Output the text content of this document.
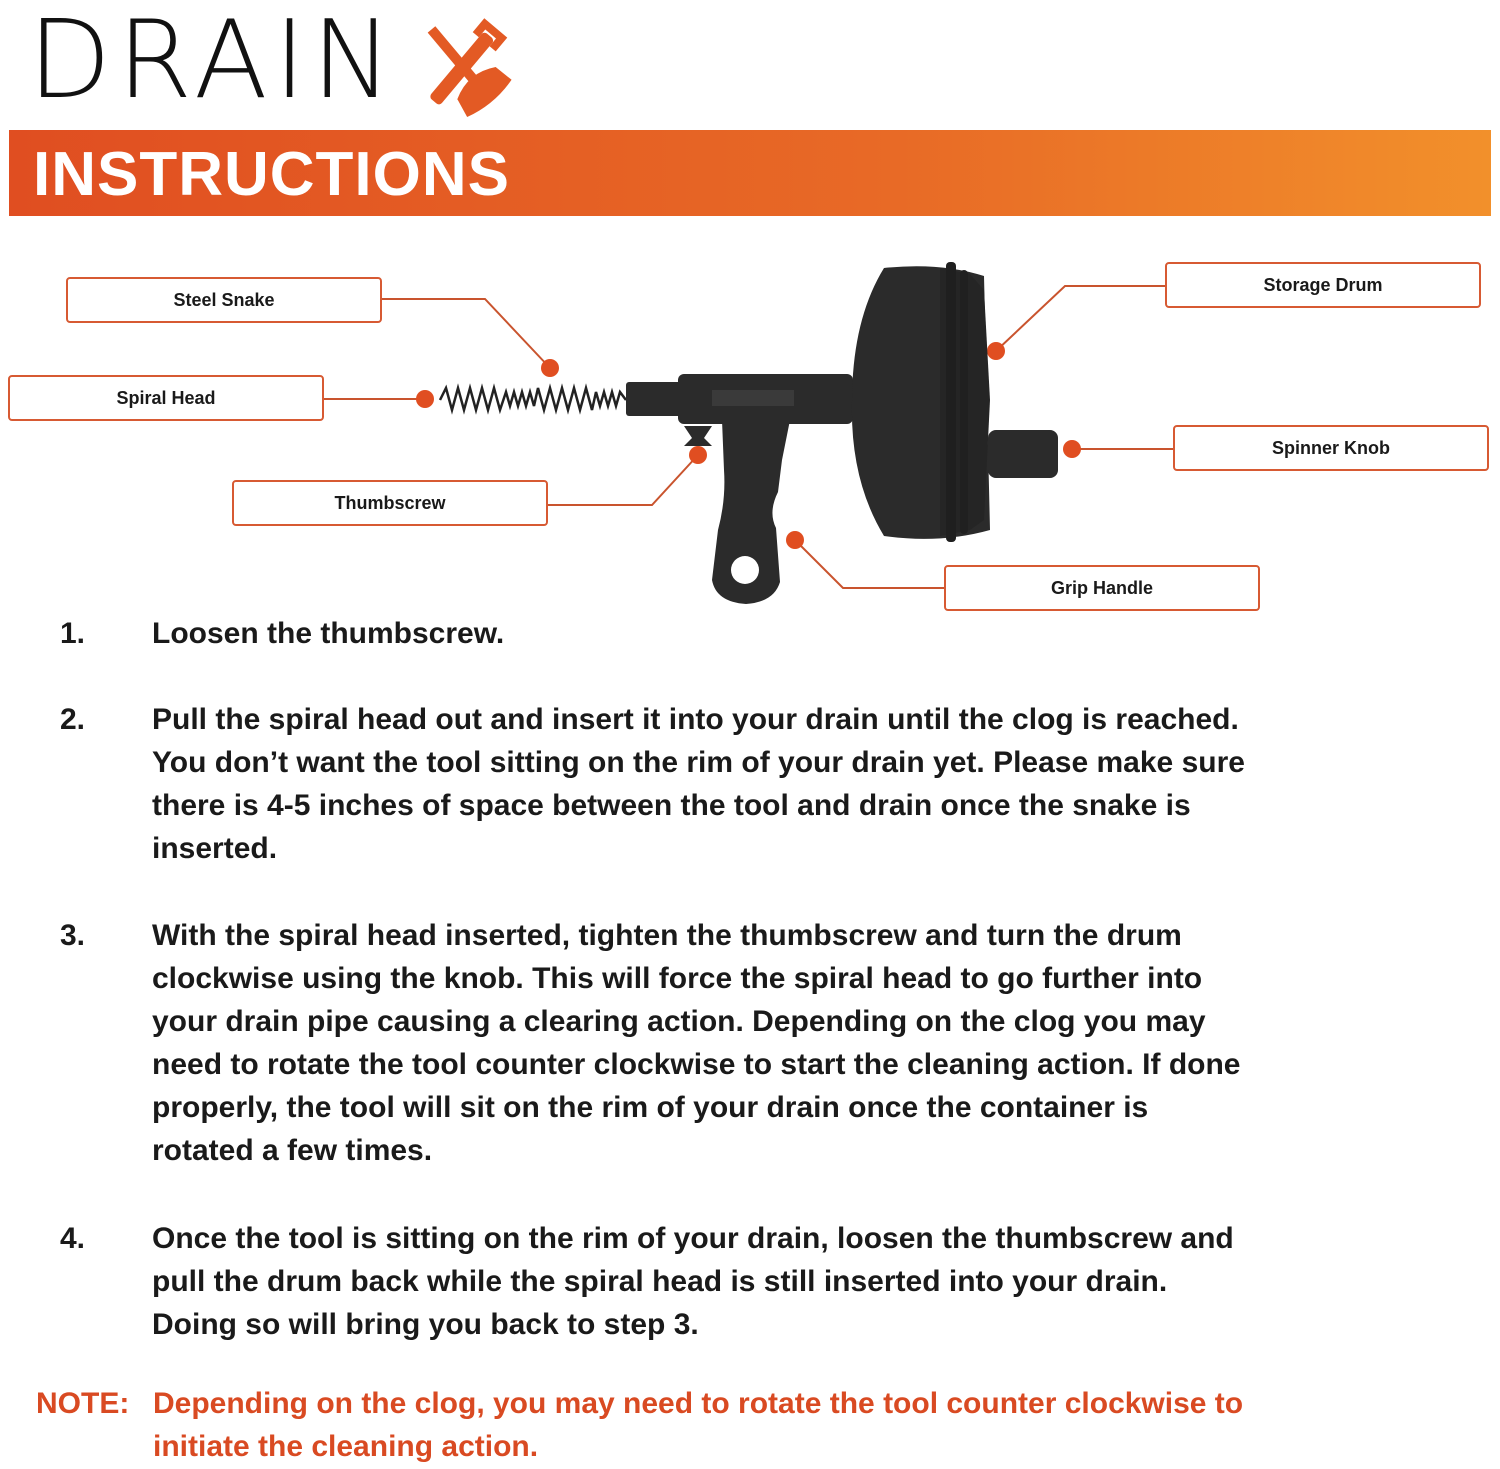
DRAIN
INSTRUCTIONS
Steel Snake
Spiral Head
Thumbscrew
Storage Drum
Spinner Knob
Grip Handle
1. Loosen the thumbscrew.
2. Pull the spiral head out and insert it into your drain until the clog is reached.
You don’t want the tool sitting on the rim of your drain yet. Please make sure
there is 4-5 inches of space between the tool and drain once the snake is
inserted.
3. With the spiral head inserted, tighten the thumbscrew and turn the drum
clockwise using the knob. This will force the spiral head to go further into
your drain pipe causing a clearing action. Depending on the clog you may
need to rotate the tool counter clockwise to start the cleaning action. If done
properly, the tool will sit on the rim of your drain once the container is
rotated a few times.
4. Once the tool is sitting on the rim of your drain, loosen the thumbscrew and
pull the drum back while the spiral head is still inserted into your drain.
Doing so will bring you back to step 3.
NOTE: Depending on the clog, you may need to rotate the tool counter clockwise to
initiate the cleaning action.
